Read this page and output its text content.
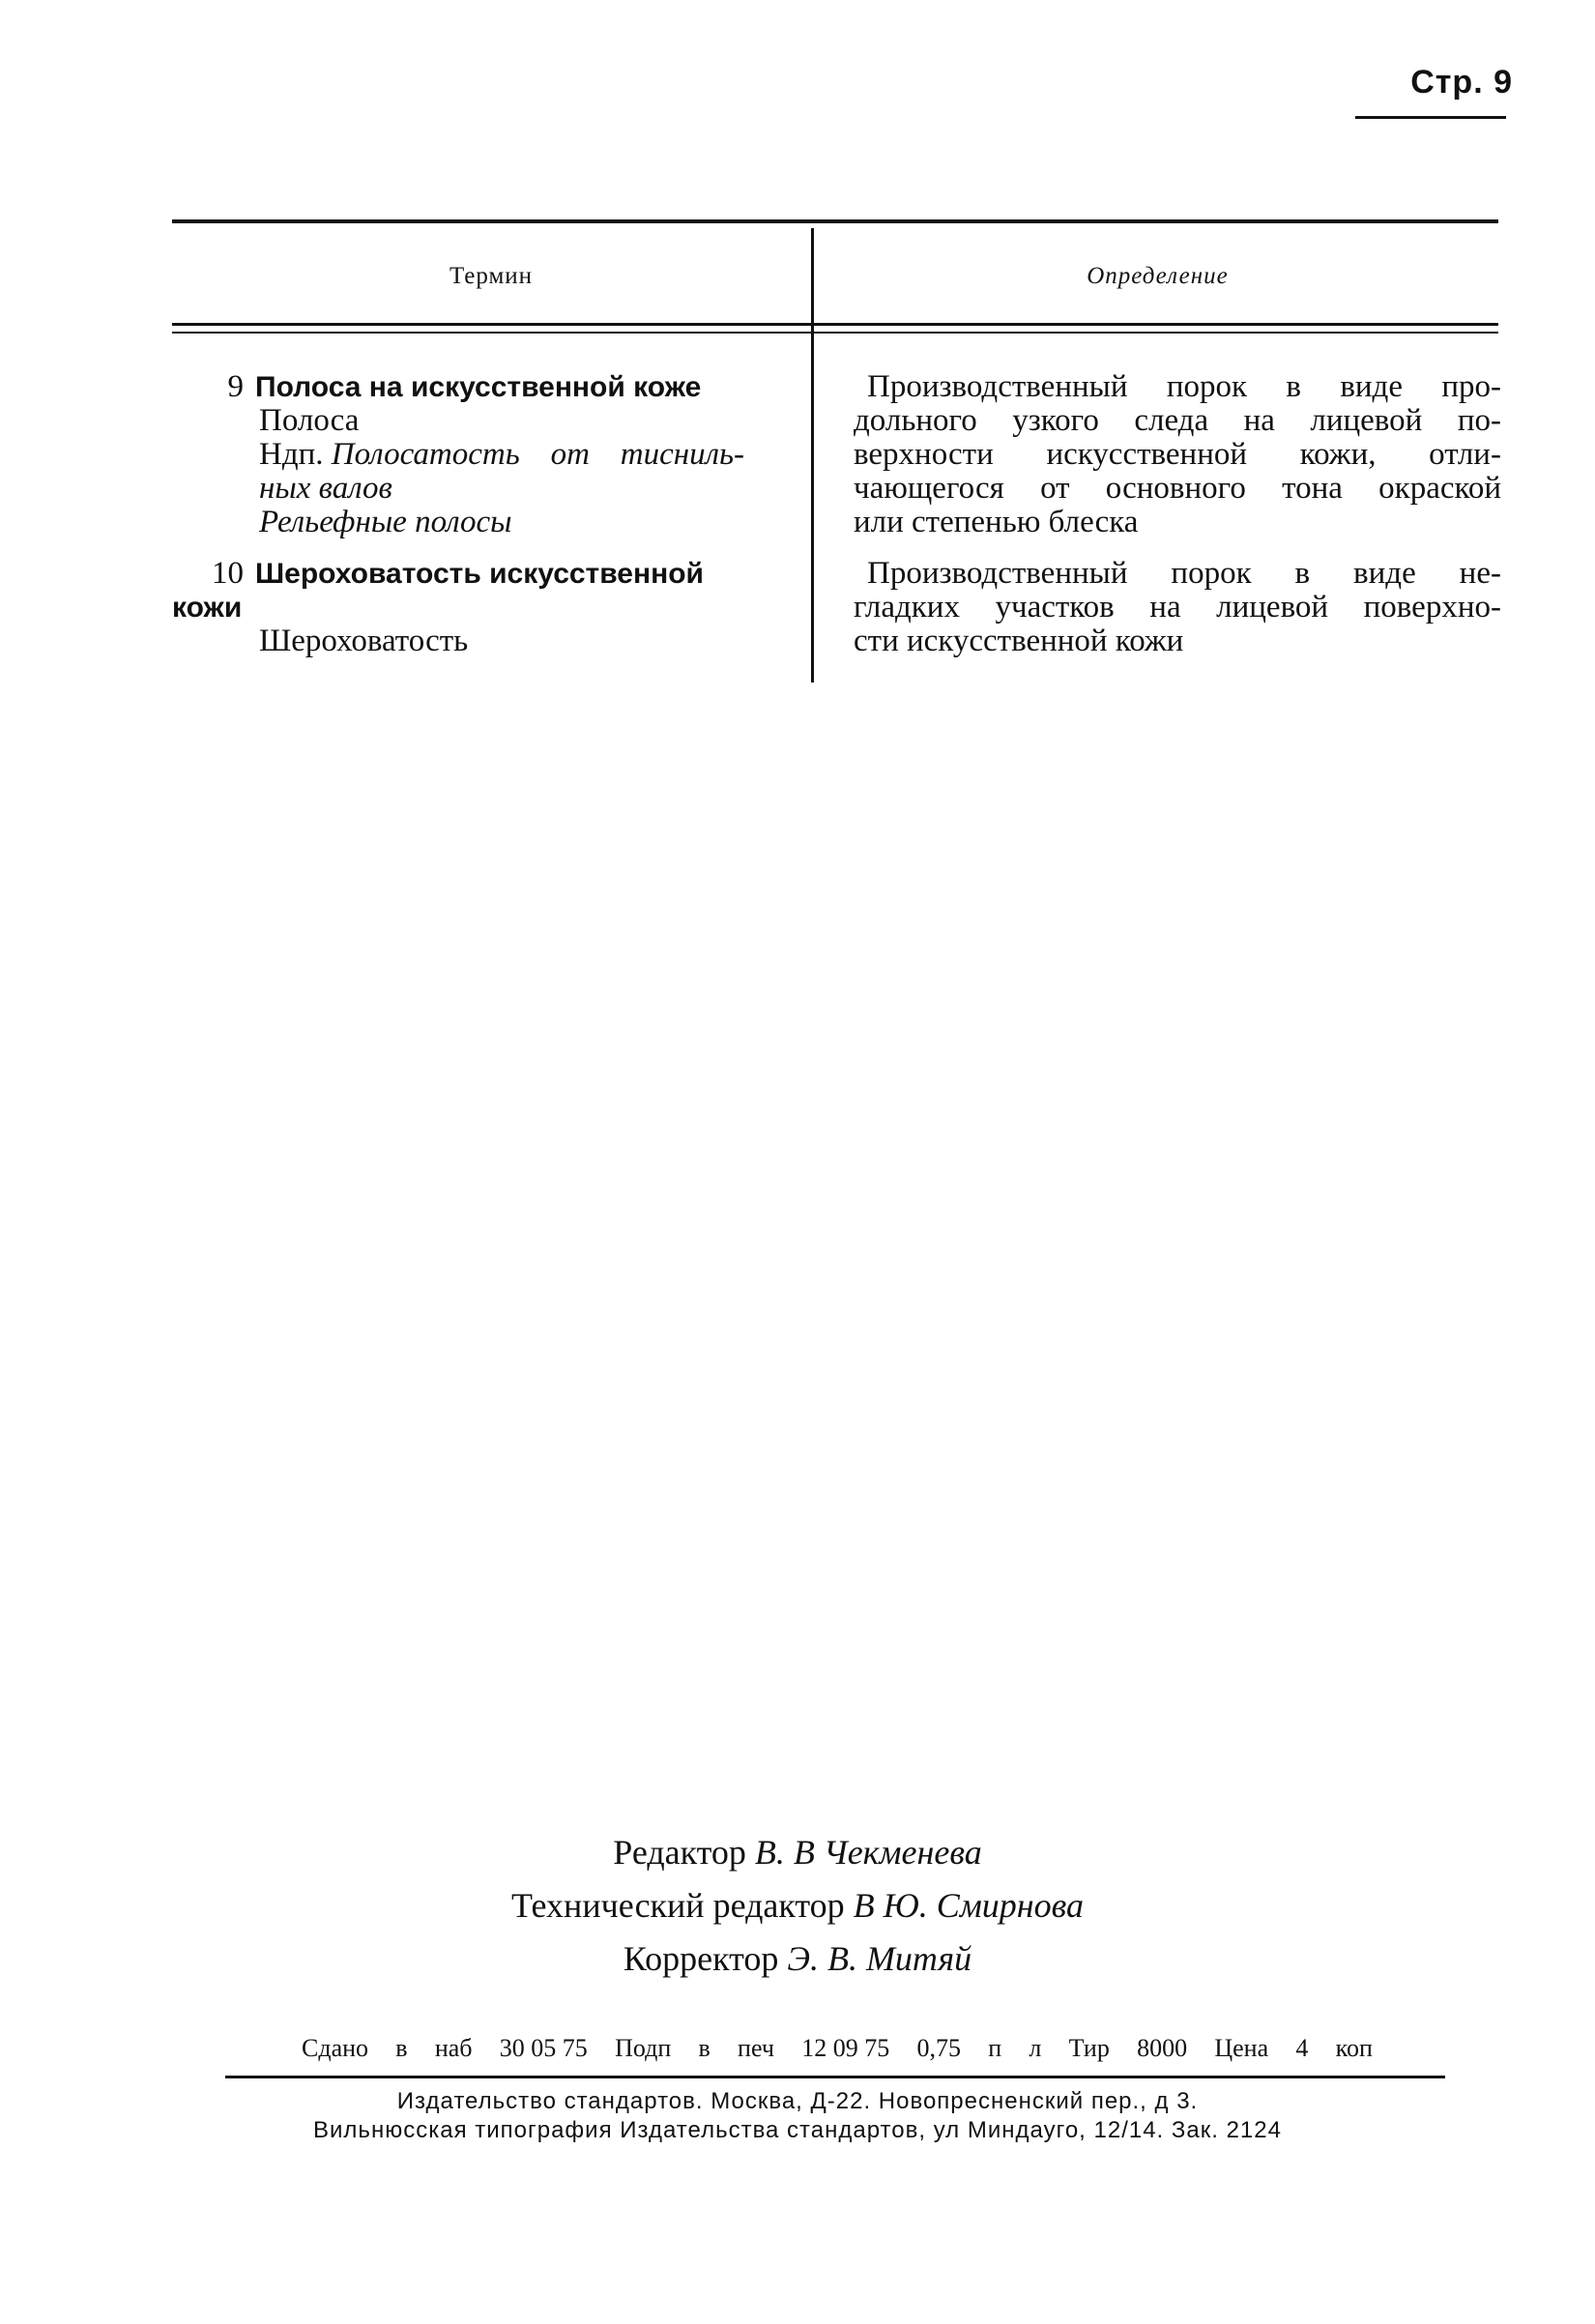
Стр. 9
Термин	Определение
9 Полоса на искусственной коже
Полоса
Ндп. Полосатость от тисниль-
ных валов
Рельефные полосы
Производственный порок в виде про-
дольного узкого следа на лицевой по-
верхности искусственной кожи, отли-
чающегося от основного тона окраской
или степенью блеска
10 Шероховатость искусственной
кожи
Шероховатость
Производственный порок в виде не-
гладких участков на лицевой поверхно-
сти искусственной кожи
Редактор В. В Чекменева
Технический редактор В Ю. Смирнова
Корректор Э. В. Митяй
Сдано в наб 30 05 75 Подп в печ 12 09 75 0,75 п л Тир 8000 Цена 4 коп
Издательство стандартов. Москва, Д-22. Новопресненский пер., д 3.
Вильнюсская типография Издательства стандартов, ул Миндауго, 12/14. Зак. 2124
